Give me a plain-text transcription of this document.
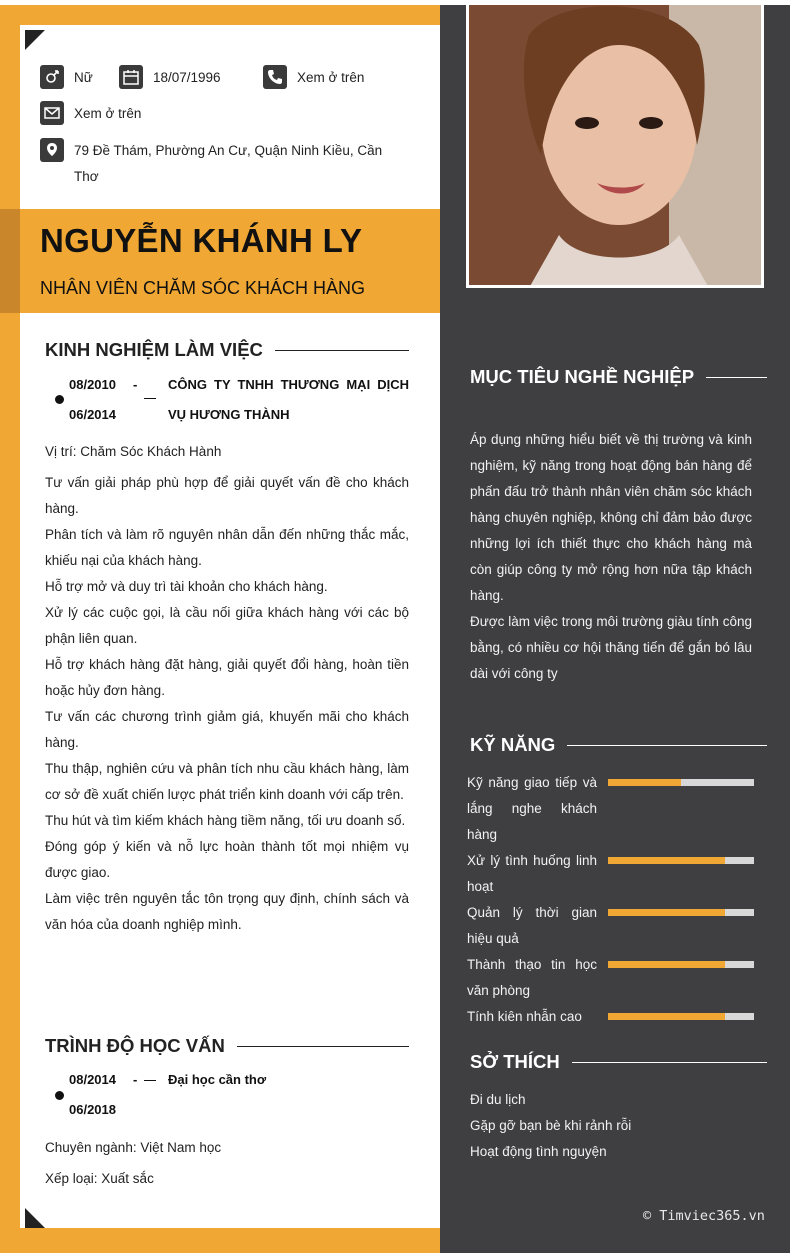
Nữ	18/07/1996	Xem ở trên
Xem ở trên
79 Đề Thám, Phường An Cư, Quận Ninh Kiều, Cần Thơ
NGUYỄN KHÁNH LY
NHÂN VIÊN CHĂM SÓC KHÁCH HÀNG
KINH NGHIỆM LÀM VIỆC
08/2010
06/2014
- CÔNG TY TNHH THƯƠNG MẠI DỊCH VỤ HƯƠNG THÀNH
Vị trí: Chăm Sóc Khách Hành
Tư vấn giải pháp phù hợp để giải quyết vấn đề cho khách hàng.
Phân tích và làm rõ nguyên nhân dẫn đến những thắc mắc, khiếu nại của khách hàng.
Hỗ trợ mở và duy trì tài khoản cho khách hàng.
Xử lý các cuộc gọi, là cầu nối giữa khách hàng với các bộ phận liên quan.
Hỗ trợ khách hàng đặt hàng, giải quyết đổi hàng, hoàn tiền hoặc hủy đơn hàng.
Tư vấn các chương trình giảm giá, khuyến mãi cho khách hàng.
Thu thập, nghiên cứu và phân tích nhu cầu khách hàng, làm cơ sở đề xuất chiến lược phát triển kinh doanh với cấp trên.
Thu hút và tìm kiếm khách hàng tiềm năng, tối ưu doanh số.
Đóng góp ý kiến và nỗ lực hoàn thành tốt mọi nhiệm vụ được giao.
Làm việc trên nguyên tắc tôn trọng quy định, chính sách và văn hóa của doanh nghiệp mình.
TRÌNH ĐỘ HỌC VẤN
08/2014
06/2018
- Đại học cần thơ
Chuyên ngành: Việt Nam học
Xếp loại: Xuất sắc
MỤC TIÊU NGHỀ NGHIỆP
Áp dụng những hiểu biết về thị trường và kinh nghiệm, kỹ năng trong hoạt động bán hàng để phấn đấu trở thành nhân viên chăm sóc khách hàng chuyên nghiệp, không chỉ đảm bảo được những lợi ích thiết thực cho khách hàng mà còn giúp công ty mở rộng hơn nữa tập khách hàng.
Được làm việc trong môi trường giàu tính công bằng, có nhiều cơ hội thăng tiến để gắn bó lâu dài với công ty
KỸ NĂNG
Kỹ năng giao tiếp và lắng nghe khách hàng
Xử lý tình huống linh hoạt
Quản lý thời gian hiệu quả
Thành thạo tin học văn phòng
Tính kiên nhẫn cao
SỞ THÍCH
Đi du lịch
Gặp gỡ bạn bè khi rảnh rỗi
Hoạt động tình nguyện
© Timviec365.vn
